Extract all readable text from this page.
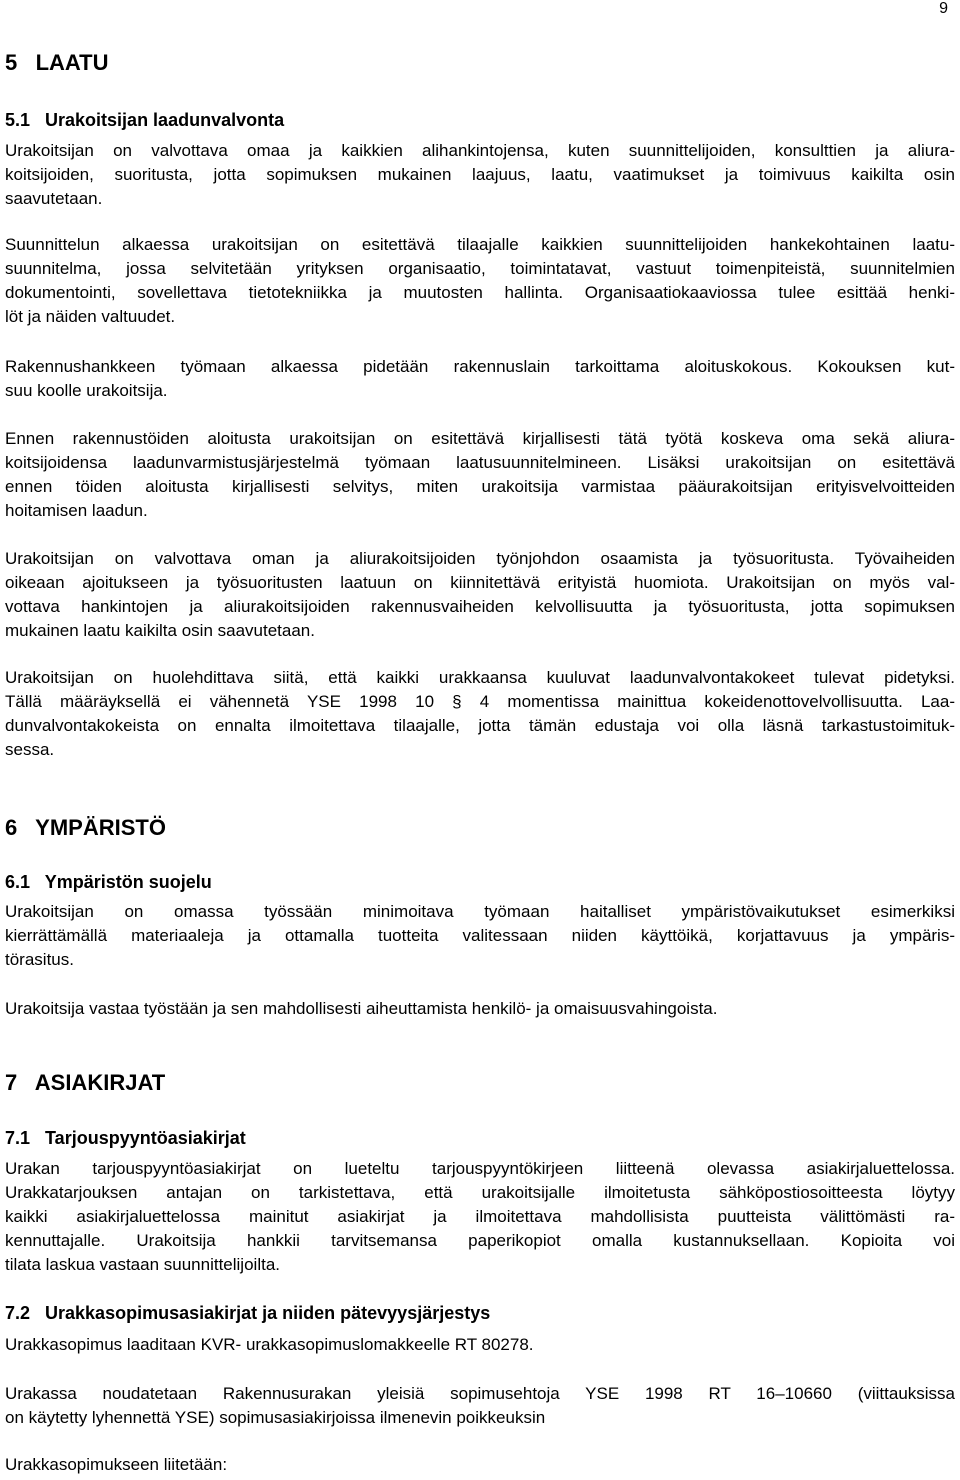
9
5   LAATU
5.1   Urakoitsijan laadunvalvonta
Urakoitsijan on valvottava omaa ja kaikkien alihankintojensa, kuten suunnittelijoiden, konsulttien ja aliura-
koitsijoiden, suoritusta, jotta sopimuksen mukainen laajuus, laatu, vaatimukset ja toimivuus kaikilta osin
saavutetaan.
Suunnittelun alkaessa urakoitsijan on esitettävä tilaajalle kaikkien suunnittelijoiden hankekohtainen laatu-
suunnitelma, jossa selvitetään yrityksen organisaatio, toimintatavat, vastuut toimenpiteistä, suunnitelmien
dokumentointi, sovellettava tietotekniikka ja muutosten hallinta. Organisaatiokaaviossa tulee esittää henki-
löt ja näiden valtuudet.
Rakennushankkeen työmaan alkaessa pidetään rakennuslain tarkoittama aloituskokous. Kokouksen kut-
suu koolle urakoitsija.
Ennen rakennustöiden aloitusta urakoitsijan on esitettävä kirjallisesti tätä työtä koskeva oma sekä aliura-
koitsijoidensa laadunvarmistusjärjestelmä työmaan laatusuunnitelmineen. Lisäksi urakoitsijan on esitettävä
ennen töiden aloitusta kirjallisesti selvitys, miten urakoitsija varmistaa pääurakoitsijan erityisvelvoitteiden
hoitamisen laadun.
Urakoitsijan on valvottava oman ja aliurakoitsijoiden työnjohdon osaamista ja työsuoritusta. Työvaiheiden
oikeaan ajoitukseen ja työsuoritusten laatuun on kiinnitettävä erityistä huomiota. Urakoitsijan on myös val-
vottava hankintojen ja aliurakoitsijoiden rakennusvaiheiden kelvollisuutta ja työsuoritusta, jotta sopimuksen
mukainen laatu kaikilta osin saavutetaan.
Urakoitsijan on huolehdittava siitä, että kaikki urakkaansa kuuluvat laadunvalvontakokeet tulevat pidetyksi.
Tällä määräyksellä ei vähennetä YSE 1998 10 § 4 momentissa mainittua kokeidenottovelvollisuutta. Laa-
dunvalvontakokeista on ennalta ilmoitettava tilaajalle, jotta tämän edustaja voi olla läsnä tarkastustoimituk-
sessa.
6   YMPÄRISTÖ
6.1   Ympäristön suojelu
Urakoitsijan on omassa työssään minimoitava työmaan haitalliset ympäristövaikutukset esimerkiksi
kierrättämällä materiaaleja ja ottamalla tuotteita valitessaan niiden käyttöikä, korjattavuus ja ympäris-
törasitus.
Urakoitsija vastaa työstään ja sen mahdollisesti aiheuttamista henkilö- ja omaisuusvahingoista.
7   ASIAKIRJAT
7.1   Tarjouspyyntöasiakirjat
Urakan tarjouspyyntöasiakirjat on lueteltu tarjouspyyntökirjeen liitteenä olevassa asiakirjaluettelossa.
Urakkatarjouksen antajan on tarkistettava, että urakoitsijalle ilmoitetusta sähköpostiosoitteesta löytyy
kaikki asiakirjaluettelossa mainitut asiakirjat ja ilmoitettava mahdollisista puutteista välittömästi ra-
kennuttajalle. Urakoitsija hankkii tarvitsemansa paperikopiot omalla kustannuksellaan. Kopioita voi
tilata laskua vastaan suunnittelijoilta.
7.2   Urakkasopimusasiakirjat ja niiden pätevyysjärjestys
Urakkasopimus laaditaan KVR- urakkasopimuslomakkeelle RT 80278.
Urakassa noudatetaan Rakennusurakan yleisiä sopimusehtoja YSE 1998 RT 16–10660 (viittauksissa
on käytetty lyhennettä YSE) sopimusasiakirjoissa ilmenevin poikkeuksin
Urakkasopimukseen liitetään:
